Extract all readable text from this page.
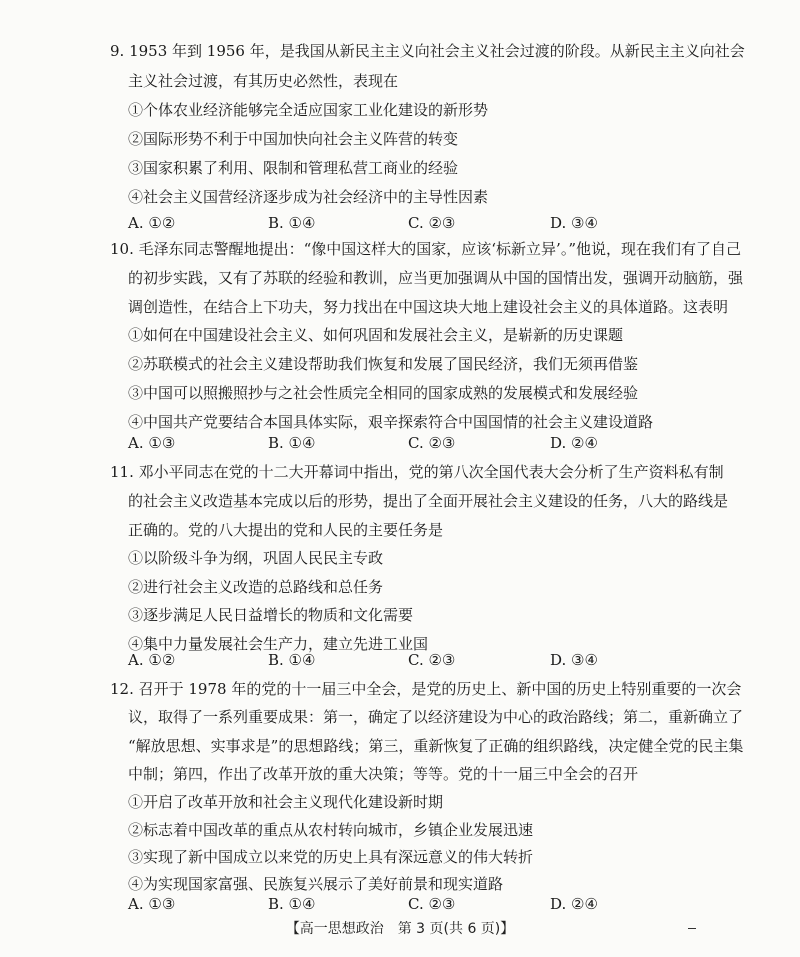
9. 1953 年到 1956 年，是我国从新民主主义向社会主义社会过渡的阶段。从新民主主义向社会
主义社会过渡，有其历史必然性，表现在
①个体农业经济能够完全适应国家工业化建设的新形势
②国际形势不利于中国加快向社会主义阵营的转变
③国家积累了利用、限制和管理私营工商业的经验
④社会主义国营经济逐步成为社会经济中的主导性因素
A. ①②	B. ①④	C. ②③	D. ③④
10. 毛泽东同志警醒地提出：“像中国这样大的国家，应该‘标新立异’。”他说，现在我们有了自己
的初步实践，又有了苏联的经验和教训，应当更加强调从中国的国情出发，强调开动脑筋，强
调创造性，在结合上下功夫，努力找出在中国这块大地上建设社会主义的具体道路。这表明
①如何在中国建设社会主义、如何巩固和发展社会主义，是崭新的历史课题
②苏联模式的社会主义建设帮助我们恢复和发展了国民经济，我们无须再借鉴
③中国可以照搬照抄与之社会性质完全相同的国家成熟的发展模式和发展经验
④中国共产党要结合本国具体实际，艰辛探索符合中国国情的社会主义建设道路
A. ①③	B. ①④	C. ②③	D. ②④
11. 邓小平同志在党的十二大开幕词中指出，党的第八次全国代表大会分析了生产资料私有制
的社会主义改造基本完成以后的形势，提出了全面开展社会主义建设的任务，八大的路线是
正确的。党的八大提出的党和人民的主要任务是
①以阶级斗争为纲，巩固人民民主专政
②进行社会主义改造的总路线和总任务
③逐步满足人民日益增长的物质和文化需要
④集中力量发展社会生产力，建立先进工业国
A. ①②	B. ①④	C. ②③	D. ③④
12. 召开于 1978 年的党的十一届三中全会，是党的历史上、新中国的历史上特别重要的一次会
议，取得了一系列重要成果：第一，确定了以经济建设为中心的政治路线；第二，重新确立了
“解放思想、实事求是”的思想路线；第三，重新恢复了正确的组织路线，决定健全党的民主集
中制；第四，作出了改革开放的重大决策；等等。党的十一届三中全会的召开
①开启了改革开放和社会主义现代化建设新时期
②标志着中国改革的重点从农村转向城市，乡镇企业发展迅速
③实现了新中国成立以来党的历史上具有深远意义的伟大转折
④为实现国家富强、民族复兴展示了美好前景和现实道路
A. ①③	B. ①④	C. ②③	D. ②④
【高一思想政治　第 3 页(共 6 页)】
